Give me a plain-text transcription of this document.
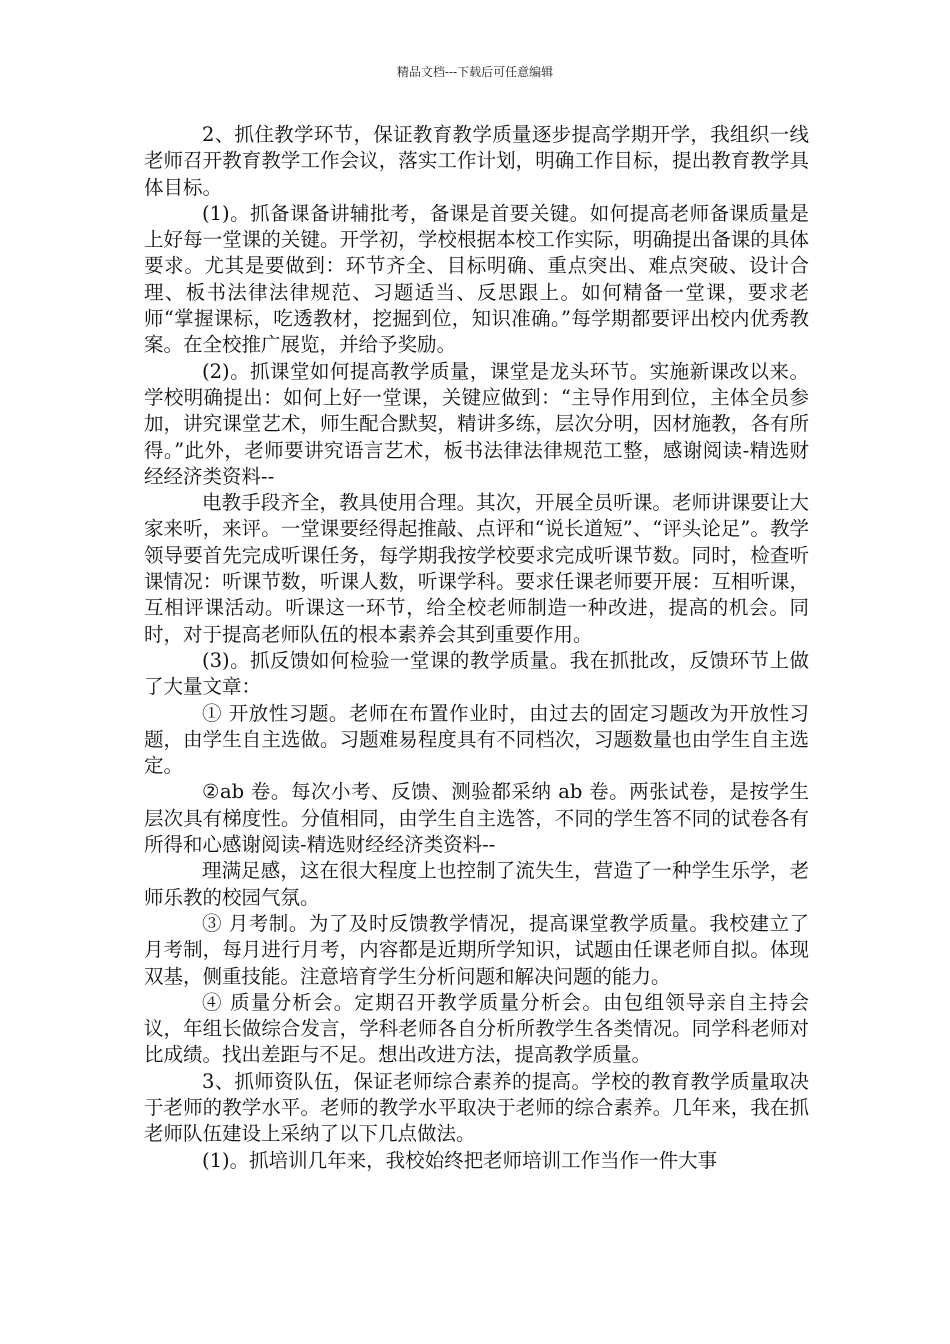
精品文档---下载后可任意编辑

2、抓住教学环节，保证教育教学质量逐步提高学期开学，我组织一线老师召开教育教学工作会议，落实工作计划，明确工作目标，提出教育教学具体目标。

(1)。抓备课备讲辅批考，备课是首要关键。如何提高老师备课质量是上好每一堂课的关键。开学初，学校根据本校工作实际，明确提出备课的具体要求。尤其是要做到：环节齐全、目标明确、重点突出、难点突破、设计合理、板书法律法律规范、习题适当、反思跟上。如何精备一堂课，要求老师“掌握课标，吃透教材，挖掘到位，知识准确。”每学期都要评出校内优秀教案。在全校推广展览，并给予奖励。

(2)。抓课堂如何提高教学质量，课堂是龙头环节。实施新课改以来。学校明确提出：如何上好一堂课，关键应做到：“主导作用到位，主体全员参加，讲究课堂艺术，师生配合默契，精讲多练，层次分明，因材施教，各有所得。”此外，老师要讲究语言艺术，板书法律法律规范工整，感谢阅读-精选财经经济类资料--

电教手段齐全，教具使用合理。其次，开展全员听课。老师讲课要让大家来听，来评。一堂课要经得起推敲、点评和“说长道短”、“评头论足”。教学领导要首先完成听课任务，每学期我按学校要求完成听课节数。同时，检查听课情况：听课节数，听课人数，听课学科。要求任课老师要开展：互相听课，互相评课活动。听课这一环节，给全校老师制造一种改进，提高的机会。同时，对于提高老师队伍的根本素养会其到重要作用。

(3)。抓反馈如何检验一堂课的教学质量。我在抓批改，反馈环节上做了大量文章：

① 开放性习题。老师在布置作业时，由过去的固定习题改为开放性习题，由学生自主选做。习题难易程度具有不同档次，习题数量也由学生自主选定。

②ab 卷。每次小考、反馈、测验都采纳 ab 卷。两张试卷，是按学生层次具有梯度性。分值相同，由学生自主选答，不同的学生答不同的试卷各有所得和心感谢阅读-精选财经经济类资料--

理满足感，这在很大程度上也控制了流失生，营造了一种学生乐学，老师乐教的校园气氛。

③ 月考制。为了及时反馈教学情况，提高课堂教学质量。我校建立了月考制，每月进行月考，内容都是近期所学知识，试题由任课老师自拟。体现双基，侧重技能。注意培育学生分析问题和解决问题的能力。

④ 质量分析会。定期召开教学质量分析会。由包组领导亲自主持会议，年组长做综合发言，学科老师各自分析所教学生各类情况。同学科老师对比成绩。找出差距与不足。想出改进方法，提高教学质量。

3、抓师资队伍，保证老师综合素养的提高。学校的教育教学质量取决于老师的教学水平。老师的教学水平取决于老师的综合素养。几年来，我在抓老师队伍建设上采纳了以下几点做法。

(1)。抓培训几年来，我校始终把老师培训工作当作一件大事
